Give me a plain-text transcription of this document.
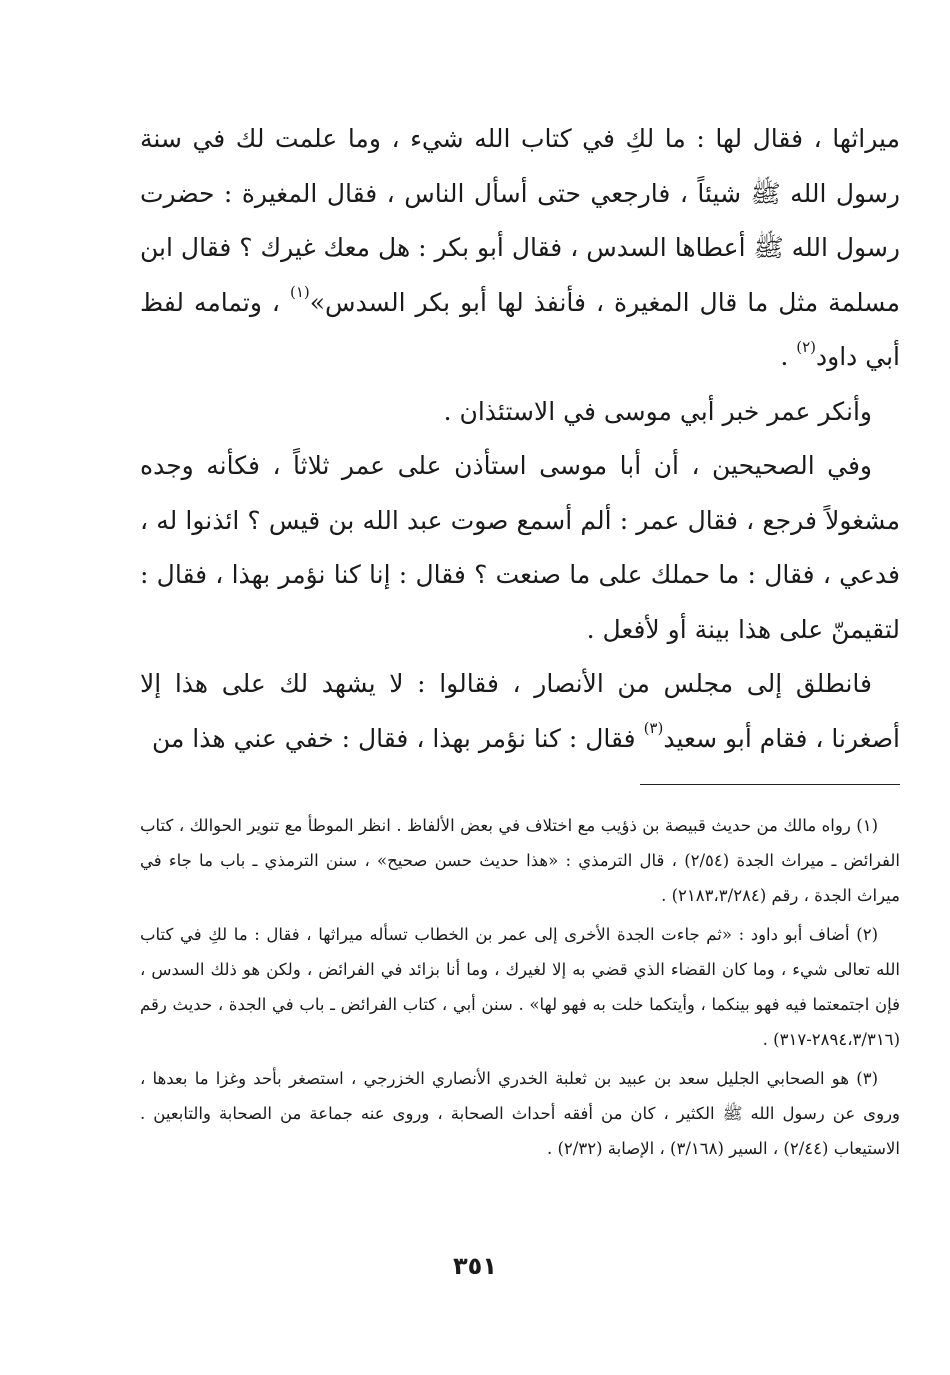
ميراثها ، فقال لها : ما لكِ في كتاب الله شيء ، وما علمت لك في سنة رسول الله ﷺ شيئاً ، فارجعي حتى أسأل الناس ، فقال المغيرة : حضرت رسول الله ﷺ أعطاها السدس ، فقال أبو بكر : هل معك غيرك ؟ فقال ابن مسلمة مثل ما قال المغيرة ، فأنفذ لها أبو بكر السدس»$^{(١)}$ ، وتمامه لفظ أبي داود$^{(٢)}$ .

وأنكر عمر خبر أبي موسى في الاستئذان .

وفي الصحيحين ، أن أبا موسى استأذن على عمر ثلاثاً ، فكأنه وجده مشغولاً فرجع ، فقال عمر : ألم أسمع صوت عبد الله بن قيس ؟ ائذنوا له ، فدعي ، فقال : ما حملك على ما صنعت ؟ فقال : إنا كنا نؤمر بهذا ، فقال : لتقيمنّ على هذا بينة أو لأفعل .

فانطلق إلى مجلس من الأنصار ، فقالوا : لا يشهد لك على هذا إلا أصغرنا ، فقام أبو سعيد$^{(٣)}$ فقال : كنا نؤمر بهذا ، فقال : خفي عني هذا من

(١) رواه مالك من حديث قبيصة بن ذؤيب مع اختلاف في بعض الألفاظ . انظر الموطأ مع تنوير الحوالك ، كتاب الفرائض ـ ميراث الجدة (٢/٥٤) ، قال الترمذي : «هذا حديث حسن صحيح» ، سنن الترمذي ـ باب ما جاء في ميراث الجدة ، رقم (٢١٨٣،٣/٢٨٤) .

(٢) أضاف أبو داود : «ثم جاءت الجدة الأخرى إلى عمر بن الخطاب تسأله ميراثها ، فقال : ما لكِ في كتاب الله تعالى شيء ، وما كان القضاء الذي قضي به إلا لغيرك ، وما أنا بزائد في الفرائض ، ولكن هو ذلك السدس ، فإن اجتمعتما فيه فهو بينكما ، وأيتكما خلت به فهو لها» . سنن أبي ، كتاب الفرائض ـ باب في الجدة ، حديث رقم (٢٨٩٤،٣/٣١٦-٣١٧) .

(٣) هو الصحابي الجليل سعد بن عبيد بن ثعلبة الخدري الأنصاري الخزرجي ، استصغر بأحد وغزا ما بعدها ، وروى عن رسول الله ﷺ الكثير ، كان من أفقه أحداث الصحابة ، وروى عنه جماعة من الصحابة والتابعين . الاستيعاب (٢/٤٤) ، السير (٣/١٦٨) ، الإصابة (٢/٣٢) .

٣٥١
